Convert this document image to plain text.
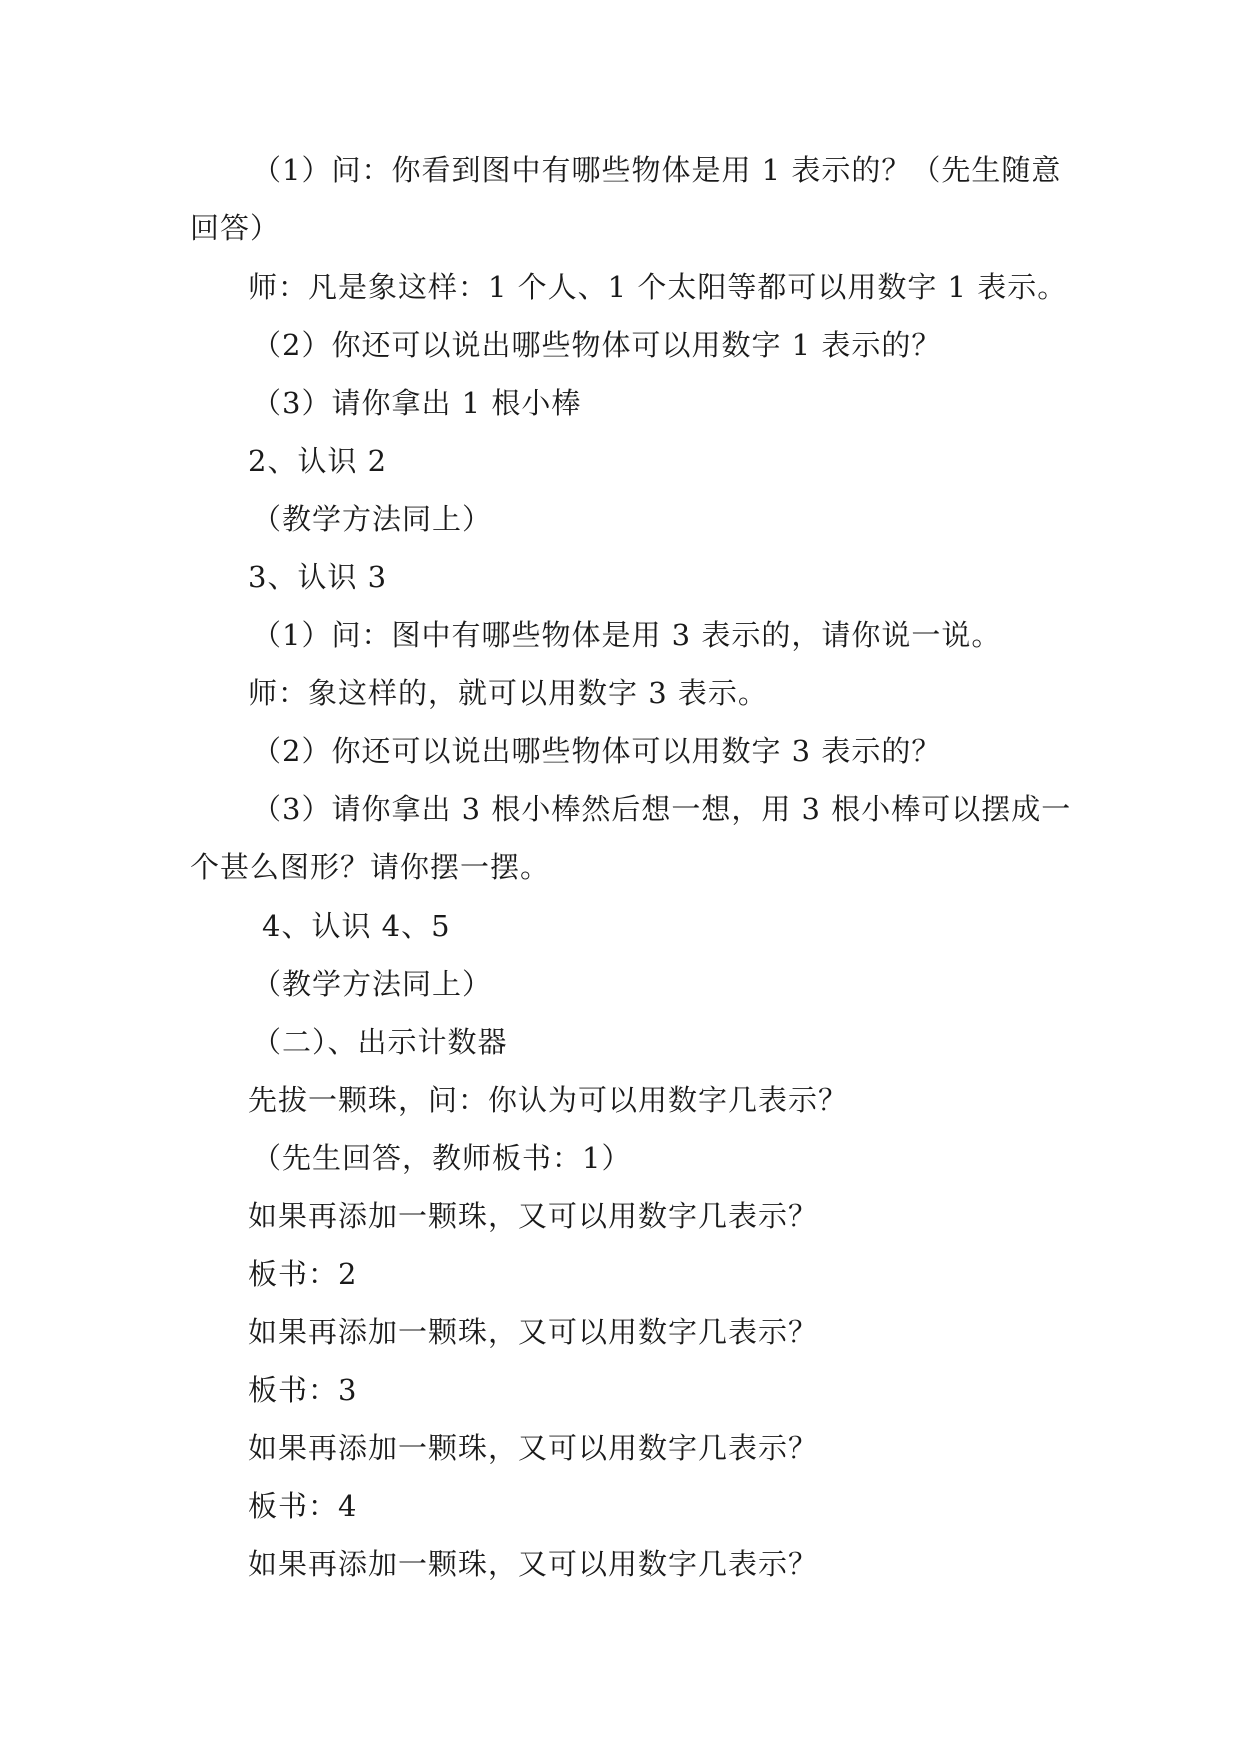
（1）问：你看到图中有哪些物体是用 1 表示的？（先生随意
回答）
师：凡是象这样：1 个人、1 个太阳等都可以用数字 1 表示。
（2）你还可以说出哪些物体可以用数字 1 表示的？
（3）请你拿出 1 根小棒
2、认识 2
（教学方法同上）
3、认识 3
（1）问：图中有哪些物体是用 3 表示的，请你说一说。
师：象这样的，就可以用数字 3 表示。
（2）你还可以说出哪些物体可以用数字 3 表示的？
（3）请你拿出 3 根小棒然后想一想，用 3 根小棒可以摆成一
个甚么图形？请你摆一摆。
4、认识 4、5
（教学方法同上）
（二）、出示计数器
先拔一颗珠，问：你认为可以用数字几表示？
（先生回答，教师板书：1）
如果再添加一颗珠，又可以用数字几表示？
板书：2
如果再添加一颗珠，又可以用数字几表示？
板书：3
如果再添加一颗珠，又可以用数字几表示？
板书：4
如果再添加一颗珠，又可以用数字几表示？
